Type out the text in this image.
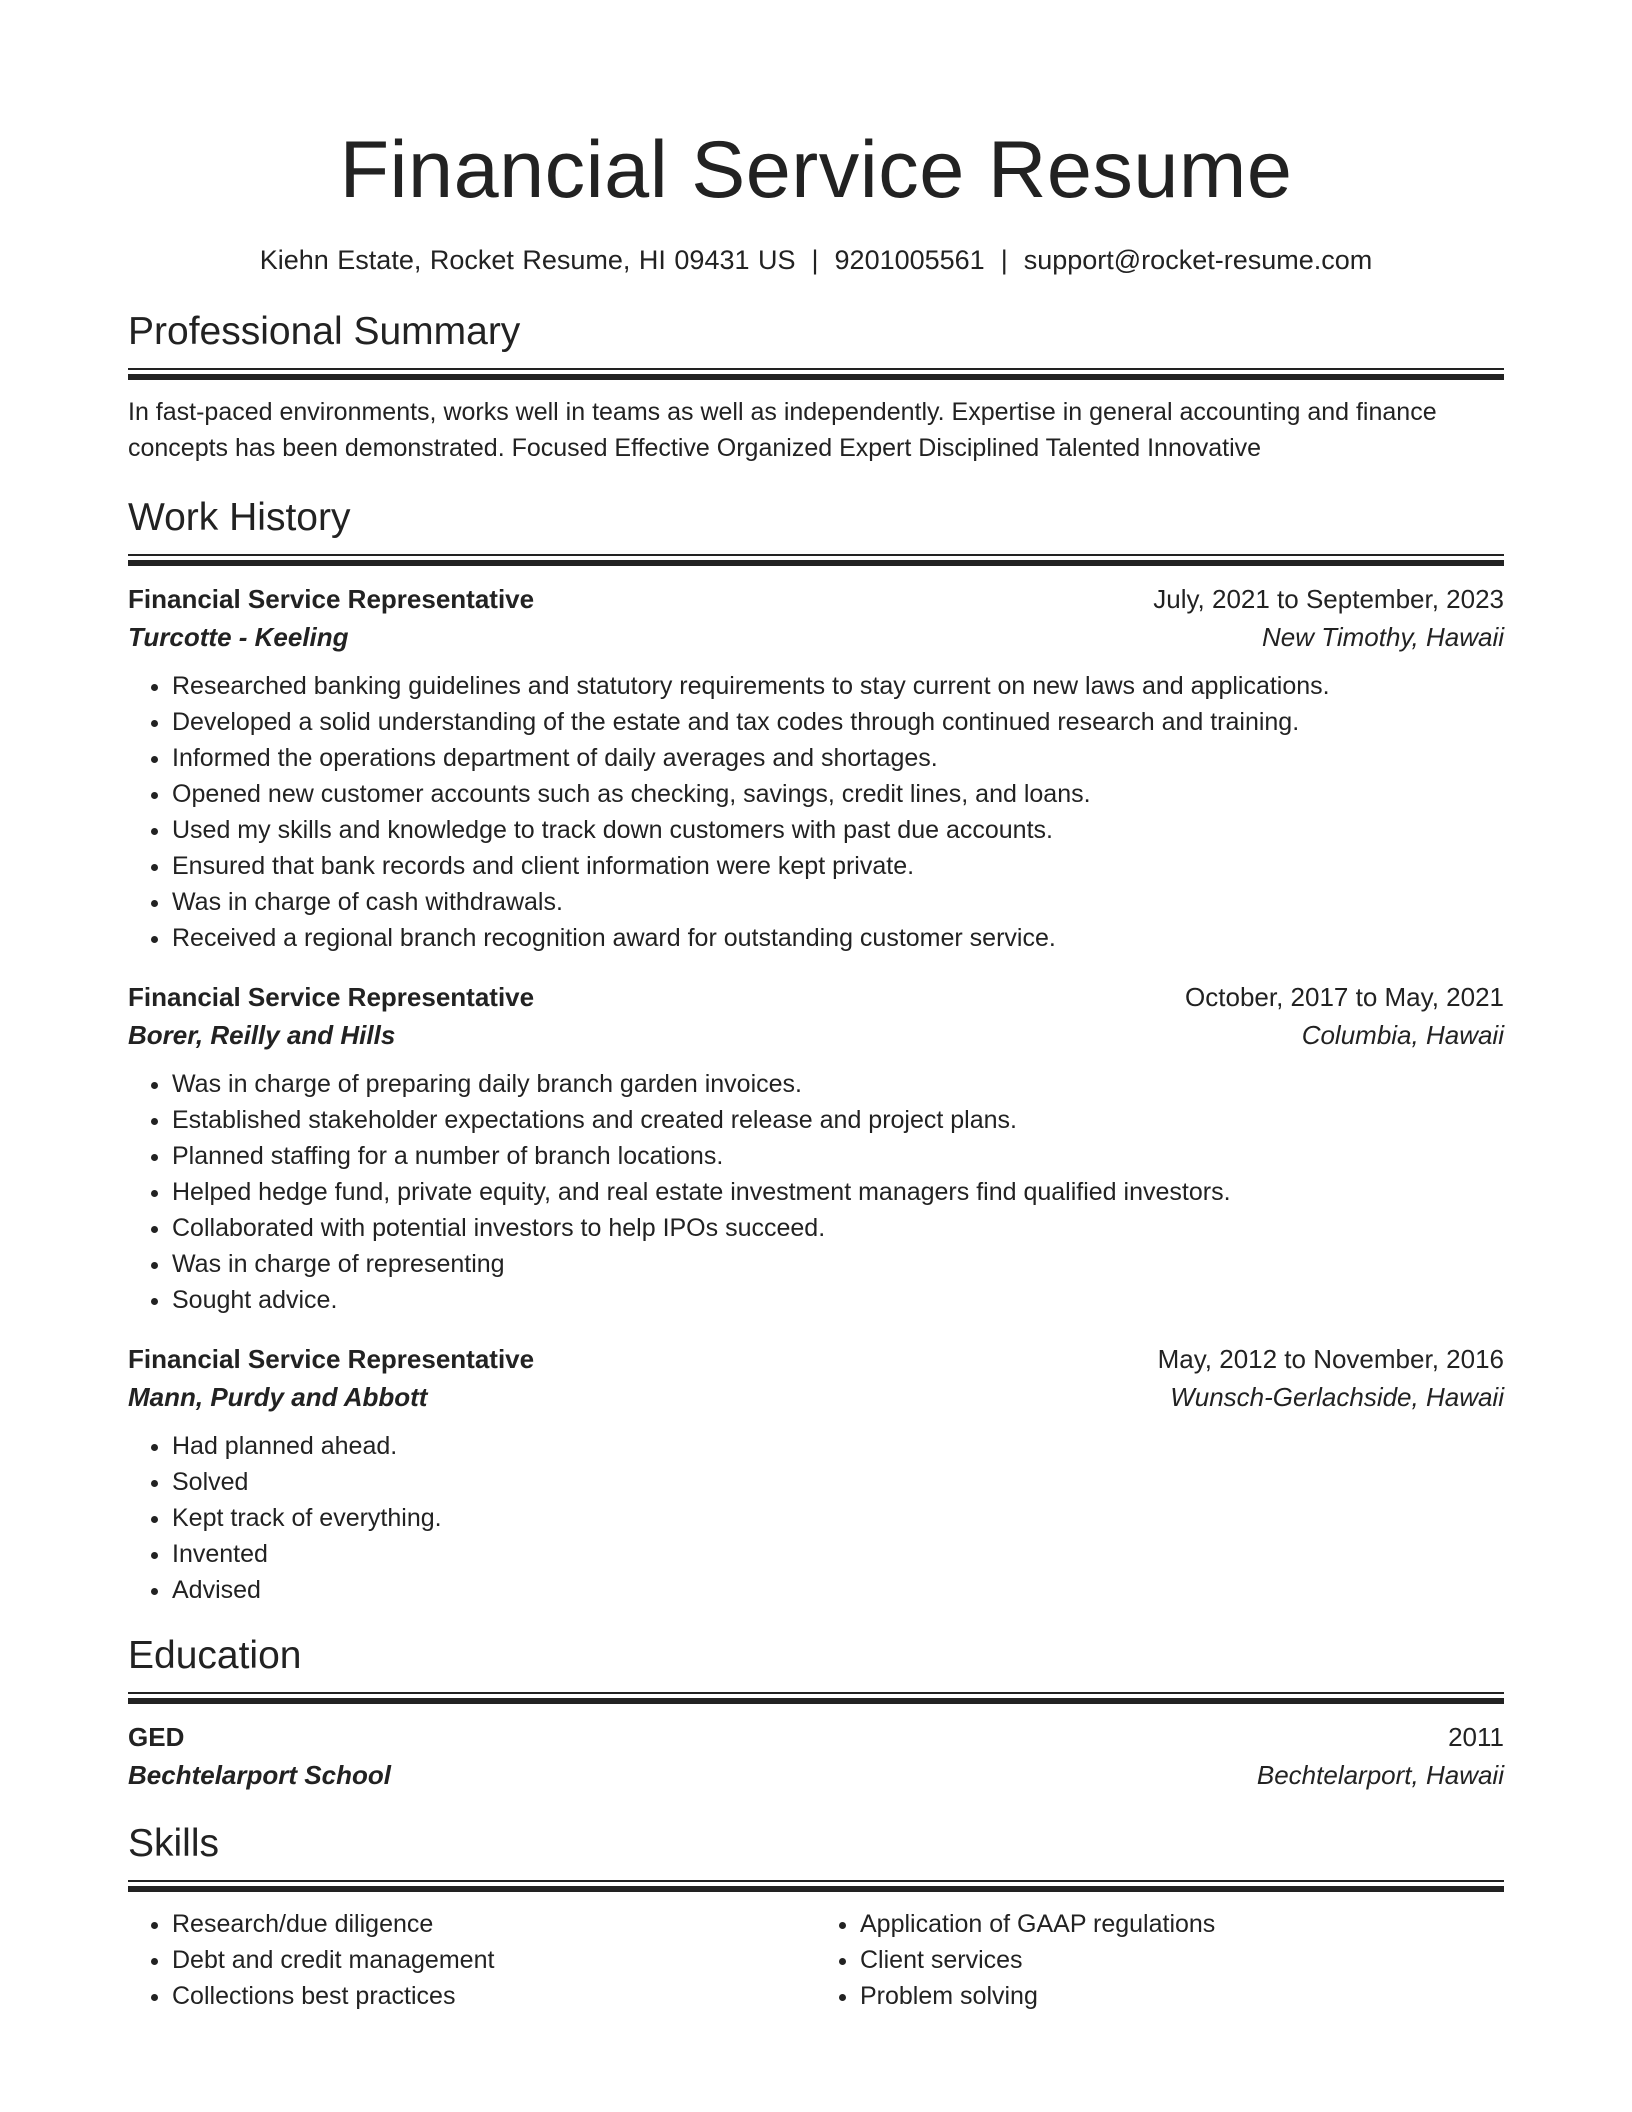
Financial Service Resume
Kiehn Estate, Rocket Resume, HI 09431 US | 9201005561 | support@rocket-resume.com
Professional Summary
In fast-paced environments, works well in teams as well as independently. Expertise in general accounting and finance concepts has been demonstrated. Focused Effective Organized Expert Disciplined Talented Innovative
Work History
Financial Service Representative	July, 2021 to September, 2023
Turcotte - Keeling	New Timothy, Hawaii
• Researched banking guidelines and statutory requirements to stay current on new laws and applications.
• Developed a solid understanding of the estate and tax codes through continued research and training.
• Informed the operations department of daily averages and shortages.
• Opened new customer accounts such as checking, savings, credit lines, and loans.
• Used my skills and knowledge to track down customers with past due accounts.
• Ensured that bank records and client information were kept private.
• Was in charge of cash withdrawals.
• Received a regional branch recognition award for outstanding customer service.
Financial Service Representative	October, 2017 to May, 2021
Borer, Reilly and Hills	Columbia, Hawaii
• Was in charge of preparing daily branch garden invoices.
• Established stakeholder expectations and created release and project plans.
• Planned staffing for a number of branch locations.
• Helped hedge fund, private equity, and real estate investment managers find qualified investors.
• Collaborated with potential investors to help IPOs succeed.
• Was in charge of representing
• Sought advice.
Financial Service Representative	May, 2012 to November, 2016
Mann, Purdy and Abbott	Wunsch-Gerlachside, Hawaii
• Had planned ahead.
• Solved
• Kept track of everything.
• Invented
• Advised
Education
GED	2011
Bechtelarport School	Bechtelarport, Hawaii
Skills
• Research/due diligence
• Debt and credit management
• Collections best practices
• Application of GAAP regulations
• Client services
• Problem solving
